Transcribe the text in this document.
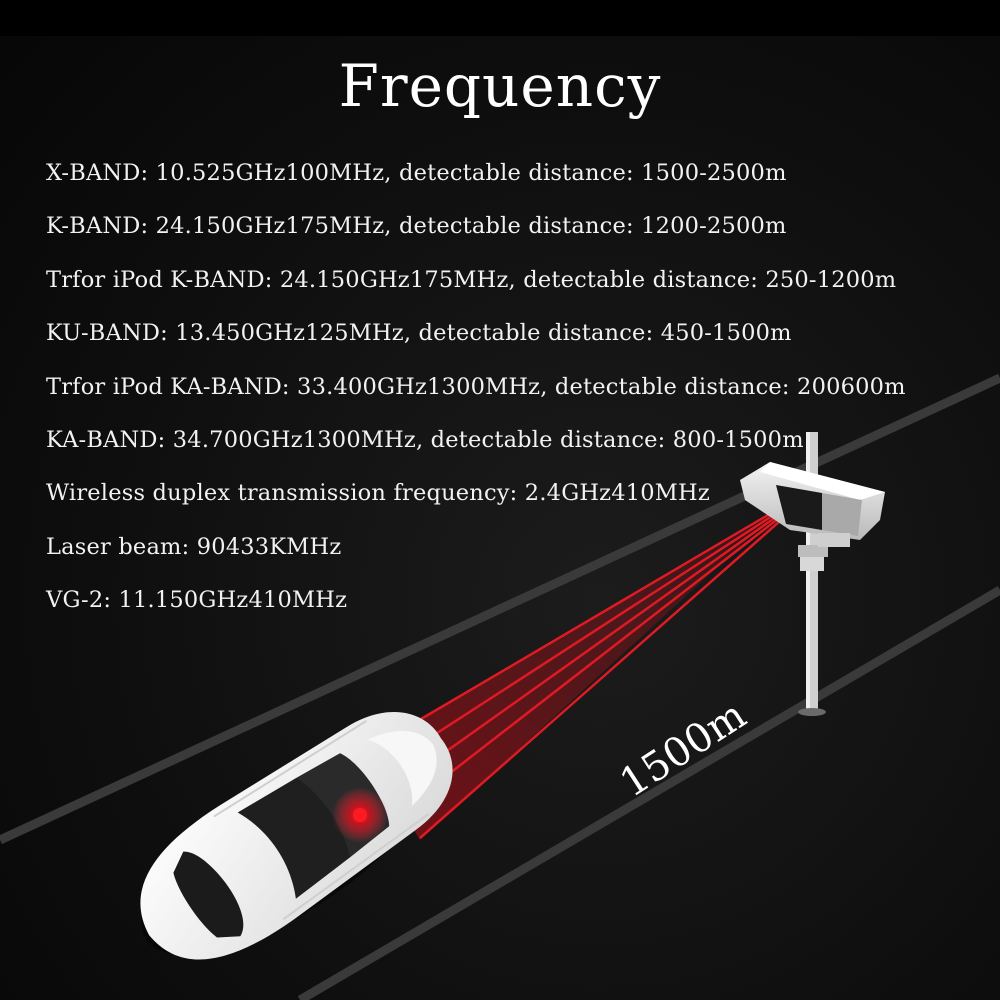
Frequency
X-BAND: 10.525GHz100MHz, detectable distance: 1500-2500m
K-BAND: 24.150GHz175MHz, detectable distance: 1200-2500m
Trfor iPod K-BAND: 24.150GHz175MHz, detectable distance: 250-1200m
KU-BAND: 13.450GHz125MHz, detectable distance: 450-1500m
Trfor iPod KA-BAND: 33.400GHz1300MHz, detectable distance: 200600m
KA-BAND: 34.700GHz1300MHz, detectable distance: 800-1500m
Wireless duplex transmission frequency: 2.4GHz410MHz
Laser beam: 90433KMHz
VG-2: 11.150GHz410MHz
1500m
